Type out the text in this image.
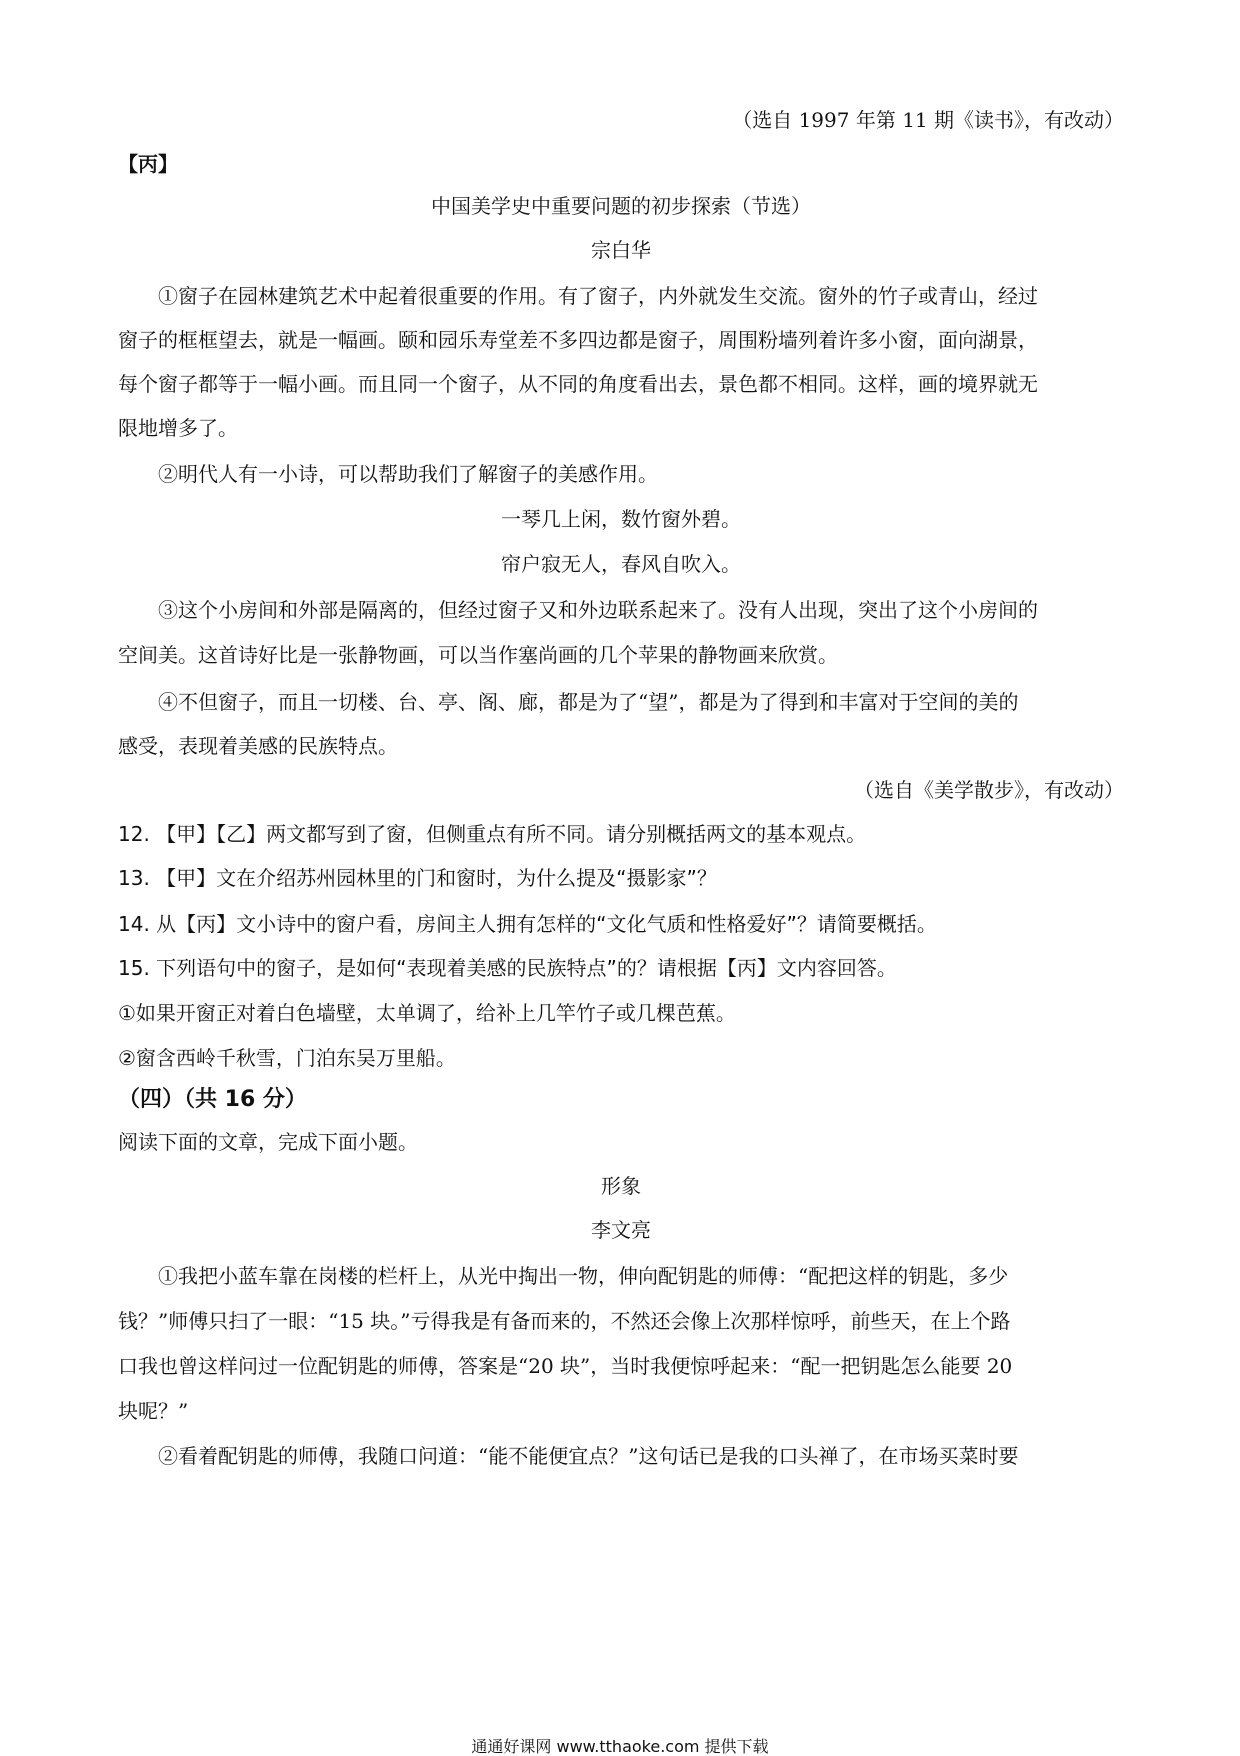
（选自 1997 年第 11 期《读书》，有改动）
【丙】
中国美学史中重要问题的初步探索（节选）
宗白华
①窗子在园林建筑艺术中起着很重要的作用。有了窗子，内外就发生交流。窗外的竹子或青山，经过
窗子的框框望去，就是一幅画。颐和园乐寿堂差不多四边都是窗子，周围粉墙列着许多小窗，面向湖景，
每个窗子都等于一幅小画。而且同一个窗子，从不同的角度看出去，景色都不相同。这样，画的境界就无
限地增多了。
②明代人有一小诗，可以帮助我们了解窗子的美感作用。
一琴几上闲，数竹窗外碧。
帘户寂无人，春风自吹入。
③这个小房间和外部是隔离的，但经过窗子又和外边联系起来了。没有人出现，突出了这个小房间的
空间美。这首诗好比是一张静物画，可以当作塞尚画的几个苹果的静物画来欣赏。
④不但窗子，而且一切楼、台、亭、阁、廊，都是为了“望”，都是为了得到和丰富对于空间的美的
感受，表现着美感的民族特点。
（选自《美学散步》，有改动）
12. 【甲】【乙】两文都写到了窗，但侧重点有所不同。请分别概括两文的基本观点。
13. 【甲】文在介绍苏州园林里的门和窗时，为什么提及“摄影家”？
14. 从【丙】文小诗中的窗户看，房间主人拥有怎样的“文化气质和性格爱好”？请简要概括。
15. 下列语句中的窗子，是如何“表现着美感的民族特点”的？请根据【丙】文内容回答。
①如果开窗正对着白色墙壁，太单调了，给补上几竿竹子或几棵芭蕉。
②窗含西岭千秋雪，门泊东吴万里船。
（四）（共 16 分）
阅读下面的文章，完成下面小题。
形象
李文亮
①我把小蓝车靠在岗楼的栏杆上，从光中掏出一物，伸向配钥匙的师傅：“配把这样的钥匙，多少
钱？”师傅只扫了一眼：“15 块。”亏得我是有备而来的，不然还会像上次那样惊呼，前些天，在上个路
口我也曾这样问过一位配钥匙的师傅，答案是“20 块”，当时我便惊呼起来：“配一把钥匙怎么能要 20
块呢？”
②看着配钥匙的师傅，我随口问道：“能不能便宜点？”这句话已是我的口头禅了，在市场买菜时要
通通好课网 www.tthaoke.com 提供下载
